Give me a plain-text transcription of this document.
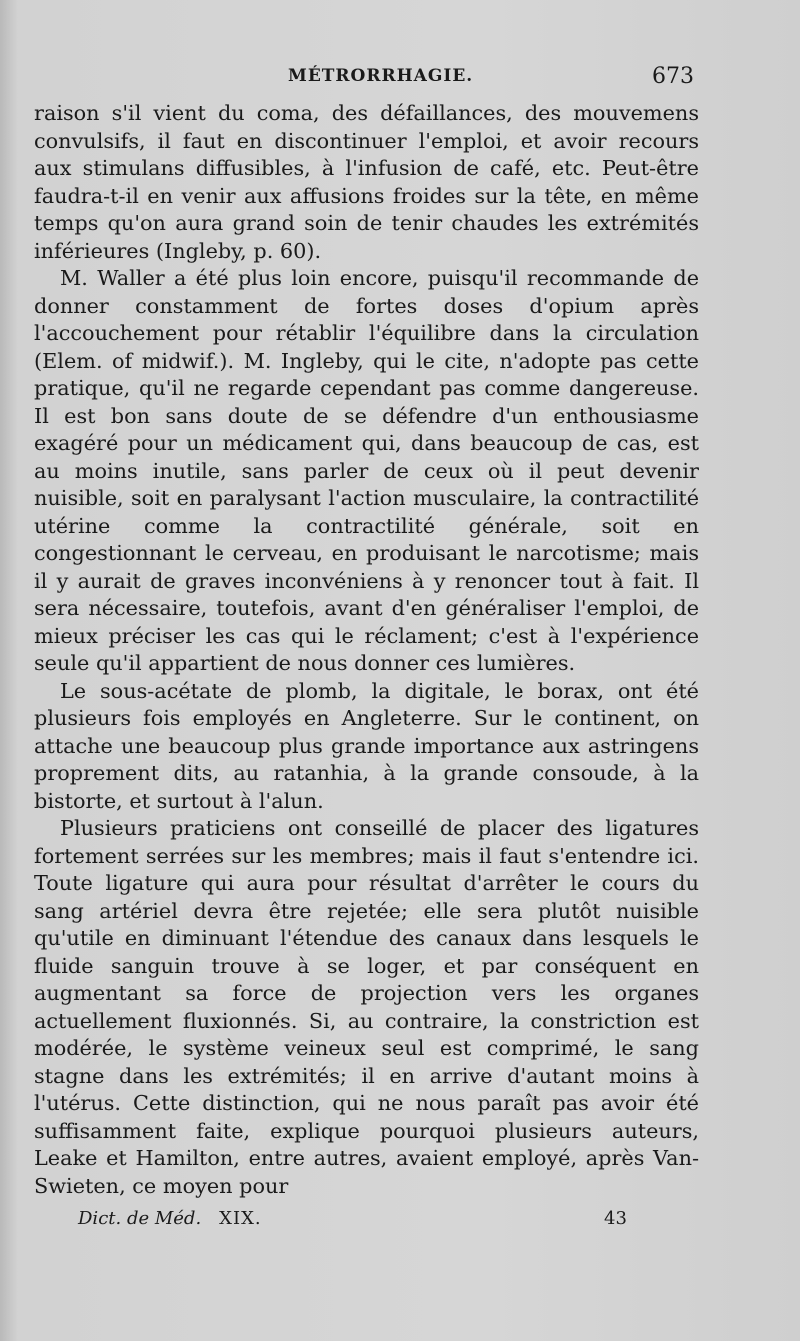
MÉTRORRHAGIE.	673

raison s'il vient du coma, des défaillances, des mouvemens convulsifs, il faut en discontinuer l'emploi, et avoir recours aux stimulans diffusibles, à l'infusion de café, etc. Peut-être faudra-t-il en venir aux affusions froides sur la tête, en même temps qu'on aura grand soin de tenir chaudes les extrémités inférieures (Ingleby, p. 60).

M. Waller a été plus loin encore, puisqu'il recommande de donner constamment de fortes doses d'opium après l'accouchement pour rétablir l'équilibre dans la circulation (Elem. of midwif.). M. Ingleby, qui le cite, n'adopte pas cette pratique, qu'il ne regarde cependant pas comme dangereuse. Il est bon sans doute de se défendre d'un enthousiasme exagéré pour un médicament qui, dans beaucoup de cas, est au moins inutile, sans parler de ceux où il peut devenir nuisible, soit en paralysant l'action musculaire, la contractilité utérine comme la contractilité générale, soit en congestionnant le cerveau, en produisant le narcotisme; mais il y aurait de graves inconvéniens à y renoncer tout à fait. Il sera nécessaire, toutefois, avant d'en généraliser l'emploi, de mieux préciser les cas qui le réclament; c'est à l'expérience seule qu'il appartient de nous donner ces lumières.

Le sous-acétate de plomb, la digitale, le borax, ont été plusieurs fois employés en Angleterre. Sur le continent, on attache une beaucoup plus grande importance aux astringens proprement dits, au ratanhia, à la grande consoude, à la bistorte, et surtout à l'alun.

Plusieurs praticiens ont conseillé de placer des ligatures fortement serrées sur les membres; mais il faut s'entendre ici. Toute ligature qui aura pour résultat d'arrêter le cours du sang artériel devra être rejetée; elle sera plutôt nuisible qu'utile en diminuant l'étendue des canaux dans lesquels le fluide sanguin trouve à se loger, et par conséquent en augmentant sa force de projection vers les organes actuellement fluxionnés. Si, au contraire, la constriction est modérée, le système veineux seul est comprimé, le sang stagne dans les extrémités; il en arrive d'autant moins à l'utérus. Cette distinction, qui ne nous paraît pas avoir été suffisamment faite, explique pourquoi plusieurs auteurs, Leake et Hamilton, entre autres, avaient employé, après Van-Swieten, ce moyen pour

Dict. de Méd. XIX.	43
